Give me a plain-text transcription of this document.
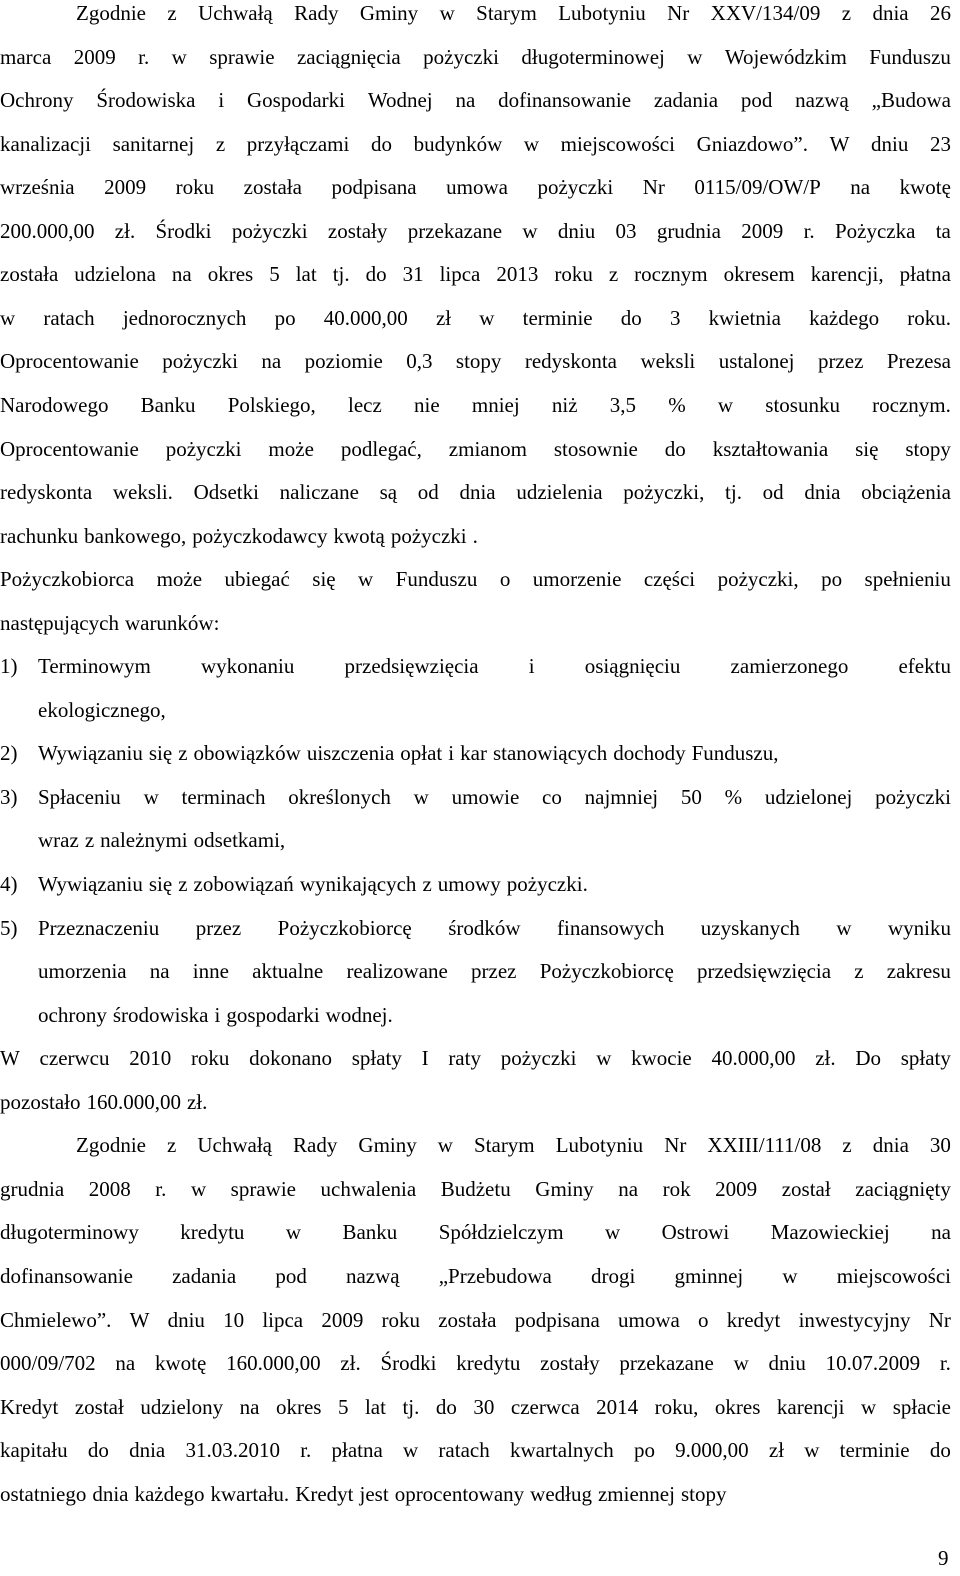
Zgodnie z Uchwałą Rady Gminy w Starym Lubotyniu Nr XXV/134/09 z dnia 26
marca 2009 r. w sprawie zaciągnięcia pożyczki długoterminowej w Wojewódzkim Funduszu
Ochrony Środowiska i Gospodarki Wodnej na dofinansowanie zadania pod nazwą „Budowa
kanalizacji sanitarnej z przyłączami do budynków w miejscowości Gniazdowo”. W dniu 23
września 2009 roku została podpisana umowa pożyczki Nr 0115/09/OW/P na kwotę
200.000,00 zł. Środki pożyczki zostały przekazane w dniu 03 grudnia 2009 r. Pożyczka ta
została udzielona na okres 5 lat tj. do 31 lipca 2013 roku z rocznym okresem karencji, płatna
w ratach jednorocznych po 40.000,00 zł w terminie do 3 kwietnia każdego roku.
Oprocentowanie pożyczki na poziomie 0,3 stopy redyskonta weksli ustalonej przez Prezesa
Narodowego Banku Polskiego, lecz nie mniej niż 3,5 % w stosunku rocznym.
Oprocentowanie pożyczki może podlegać, zmianom stosownie do kształtowania się stopy
redyskonta weksli. Odsetki naliczane są od dnia udzielenia pożyczki, tj. od dnia obciążenia
rachunku bankowego, pożyczkodawcy kwotą pożyczki .
Pożyczkobiorca może ubiegać się w Funduszu o umorzenie części pożyczki, po spełnieniu
następujących warunków:
Terminowym wykonaniu przedsięwzięcia i osiągnięciu zamierzonego efektu
1)
ekologicznego,
Wywiązaniu się z obowiązków uiszczenia opłat i kar stanowiących dochody Funduszu,
2)
Spłaceniu w terminach określonych w umowie co najmniej 50 % udzielonej pożyczki
3)
wraz z należnymi odsetkami,
Wywiązaniu się z zobowiązań wynikających z umowy pożyczki.
4)
Przeznaczeniu przez Pożyczkobiorcę środków finansowych uzyskanych w wyniku
5)
umorzenia na inne aktualne realizowane przez Pożyczkobiorcę przedsięwzięcia z zakresu
ochrony środowiska i gospodarki wodnej.
W czerwcu 2010 roku dokonano spłaty I raty pożyczki w kwocie 40.000,00 zł. Do spłaty
pozostało 160.000,00 zł.
Zgodnie z Uchwałą Rady Gminy w Starym Lubotyniu Nr XXIII/111/08 z dnia 30
grudnia 2008 r. w sprawie uchwalenia Budżetu Gminy na rok 2009 został zaciągnięty
długoterminowy kredytu w Banku Spółdzielczym w Ostrowi Mazowieckiej na
dofinansowanie zadania pod nazwą „Przebudowa drogi gminnej w miejscowości
Chmielewo”. W dniu 10 lipca 2009 roku została podpisana umowa o kredyt inwestycyjny Nr
000/09/702 na kwotę 160.000,00 zł. Środki kredytu zostały przekazane w dniu 10.07.2009 r.
Kredyt został udzielony na okres 5 lat tj. do 30 czerwca 2014 roku, okres karencji w spłacie
kapitału do dnia 31.03.2010 r. płatna w ratach kwartalnych po 9.000,00 zł w terminie do
ostatniego dnia każdego kwartału. Kredyt jest oprocentowany według zmiennej stopy
9
